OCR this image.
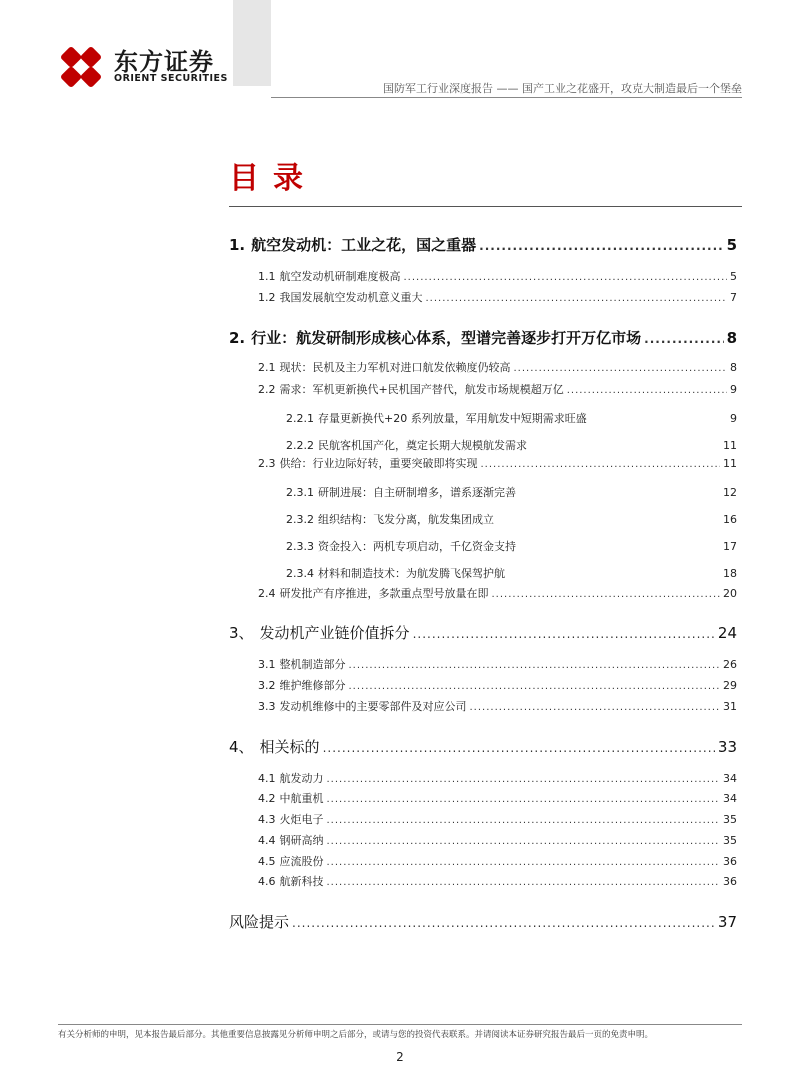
东方证券
ORIENT SECURITIES
国防军工行业深度报告 —— 国产工业之花盛开，攻克大制造最后一个堡垒
目录
1. 航空发动机：工业之花，国之重器 .....	5
1.1 航空发动机研制难度极高 .....	5
1.2 我国发展航空发动机意义重大 .....	7
2. 行业：航发研制形成核心体系，型谱完善逐步打开万亿市场 .....	8
2.1 现状：民机及主力军机对进口航发依赖度仍较高 .....	8
2.2 需求：军机更新换代+民机国产替代，航发市场规模超万亿 .....	9
2.2.1 存量更新换代+20 系列放量，军用航发中短期需求旺盛	9
2.2.2 民航客机国产化，奠定长期大规模航发需求	11
2.3 供给：行业边际好转，重要突破即将实现 .....	11
2.3.1 研制进展：自主研制增多，谱系逐渐完善	12
2.3.2 组织结构：飞发分离，航发集团成立	16
2.3.3 资金投入：两机专项启动，千亿资金支持	17
2.3.4 材料和制造技术：为航发腾飞保驾护航	18
2.4 研发批产有序推进，多款重点型号放量在即 .....	20
3、 发动机产业链价值拆分 .....	24
3.1 整机制造部分 .....	26
3.2 维护维修部分 .....	29
3.3 发动机维修中的主要零部件及对应公司 .....	31
4、 相关标的 .....	33
4.1 航发动力 .....	34
4.2 中航重机 .....	34
4.3 火炬电子 .....	35
4.4 钢研高纳 .....	35
4.5 应流股份 .....	36
4.6 航新科技 .....	36
风险提示 .....	37
有关分析师的申明，见本报告最后部分。其他重要信息披露见分析师申明之后部分，或请与您的投资代表联系。并请阅读本证券研究报告最后一页的免责申明。
2
